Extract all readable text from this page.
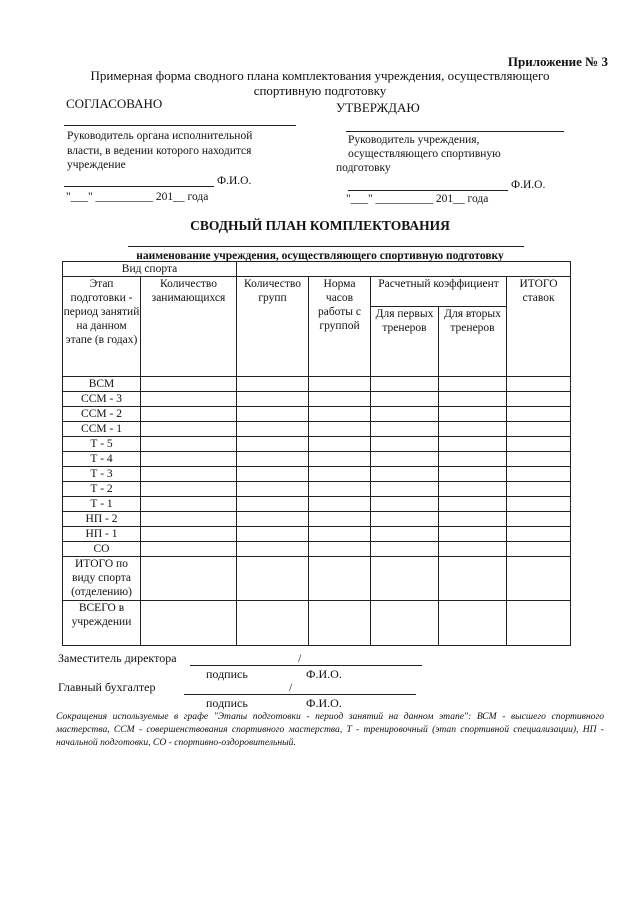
Приложение № 3
Примерная форма сводного плана комплектования учреждения, осуществляющего
спортивную подготовку
СОГЛАСОВАНО
Руководитель органа исполнительной
власти, в ведении которого находится
учреждение
Ф.И.О.
"___" __________ 201__ года
УТВЕРЖДАЮ
Руководитель учреждения,
осуществляющего спортивную
подготовку
Ф.И.О.
"___" __________ 201__ года
СВОДНЫЙ ПЛАН КОМПЛЕКТОВАНИЯ
наименование учреждения, осуществляющего спортивную подготовку
Вид спорта						
Этап подготовки - период занятий на данном этапе (в годах)	Количество занимающихся	Количество групп	Норма часов работы с группой	Расчетный коэффициент		ИТОГО ставок
				Для первых тренеров	Для вторых тренеров	
ВСМ						
ССМ - 3						
ССМ - 2						
ССМ - 1						
Т - 5						
Т - 4						
Т - 3						
Т - 2						
Т - 1						
НП - 2						
НП - 1						
СО						
ИТОГО по виду спорта (отделению)						
ВСЕГО в учреждении						
Заместитель директора	/
подпись	Ф.И.О.
Главный бухгалтер	/
подпись	Ф.И.О.
Сокращения используемые в графе "Этапы подготовки - период занятий на данном этапе": ВСМ - высшего спортивного мастерства, ССМ - совершенствования спортивного мастерства, Т - тренировочный (этап спортивной специализации), НП - начальной подготовки, СО - спортивно-оздоровительный.
